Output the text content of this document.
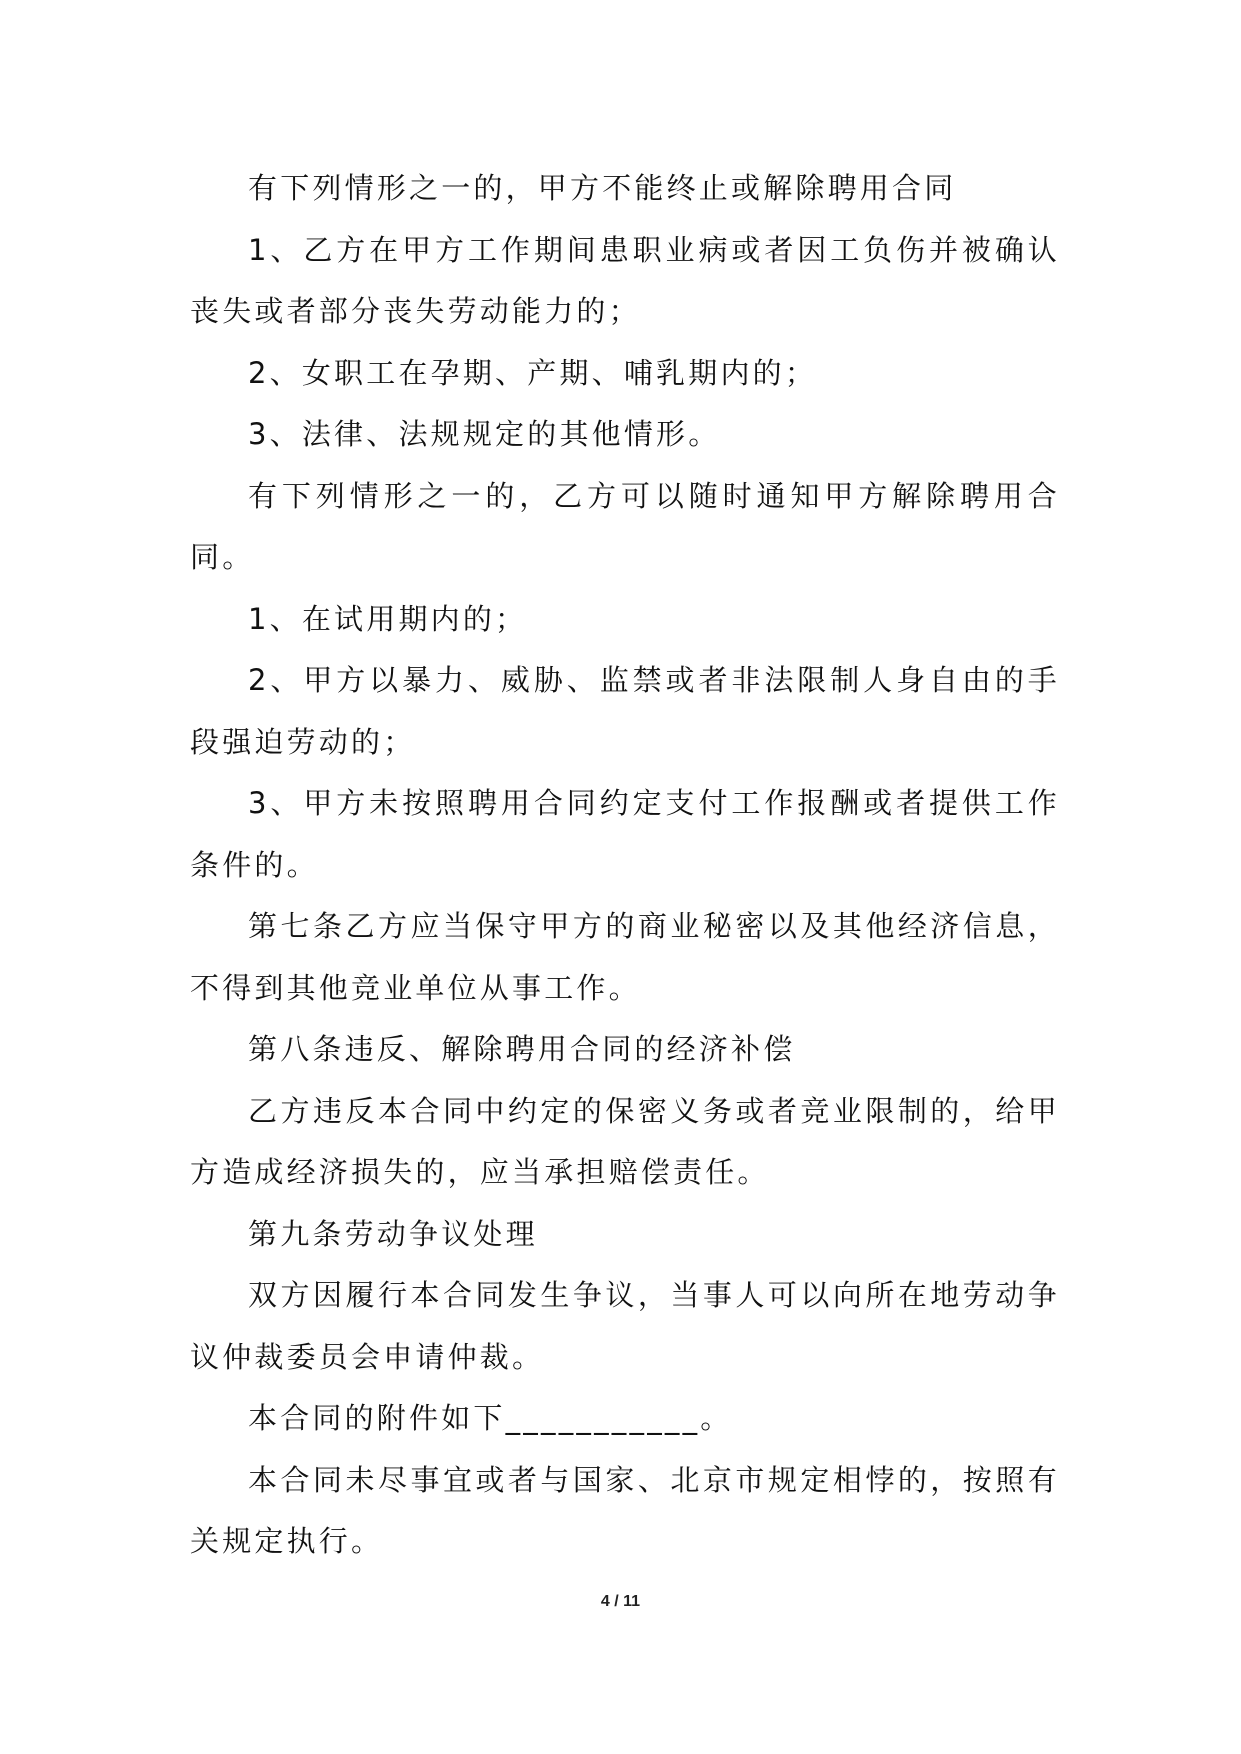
有下列情形之一的，甲方不能终止或解除聘用合同

1、乙方在甲方工作期间患职业病或者因工负伤并被确认丧失或者部分丧失劳动能力的；

2、女职工在孕期、产期、哺乳期内的；

3、法律、法规规定的其他情形。

有下列情形之一的，乙方可以随时通知甲方解除聘用合同。

1、在试用期内的；

2、甲方以暴力、威胁、监禁或者非法限制人身自由的手段强迫劳动的；

3、甲方未按照聘用合同约定支付工作报酬或者提供工作条件的。

第七条乙方应当保守甲方的商业秘密以及其他经济信息，不得到其他竞业单位从事工作。

第八条违反、解除聘用合同的经济补偿

乙方违反本合同中约定的保密义务或者竞业限制的，给甲方造成经济损失的，应当承担赔偿责任。

第九条劳动争议处理

双方因履行本合同发生争议，当事人可以向所在地劳动争议仲裁委员会申请仲裁。

本合同的附件如下___________。

本合同未尽事宜或者与国家、北京市规定相悖的，按照有关规定执行。

4 / 11
